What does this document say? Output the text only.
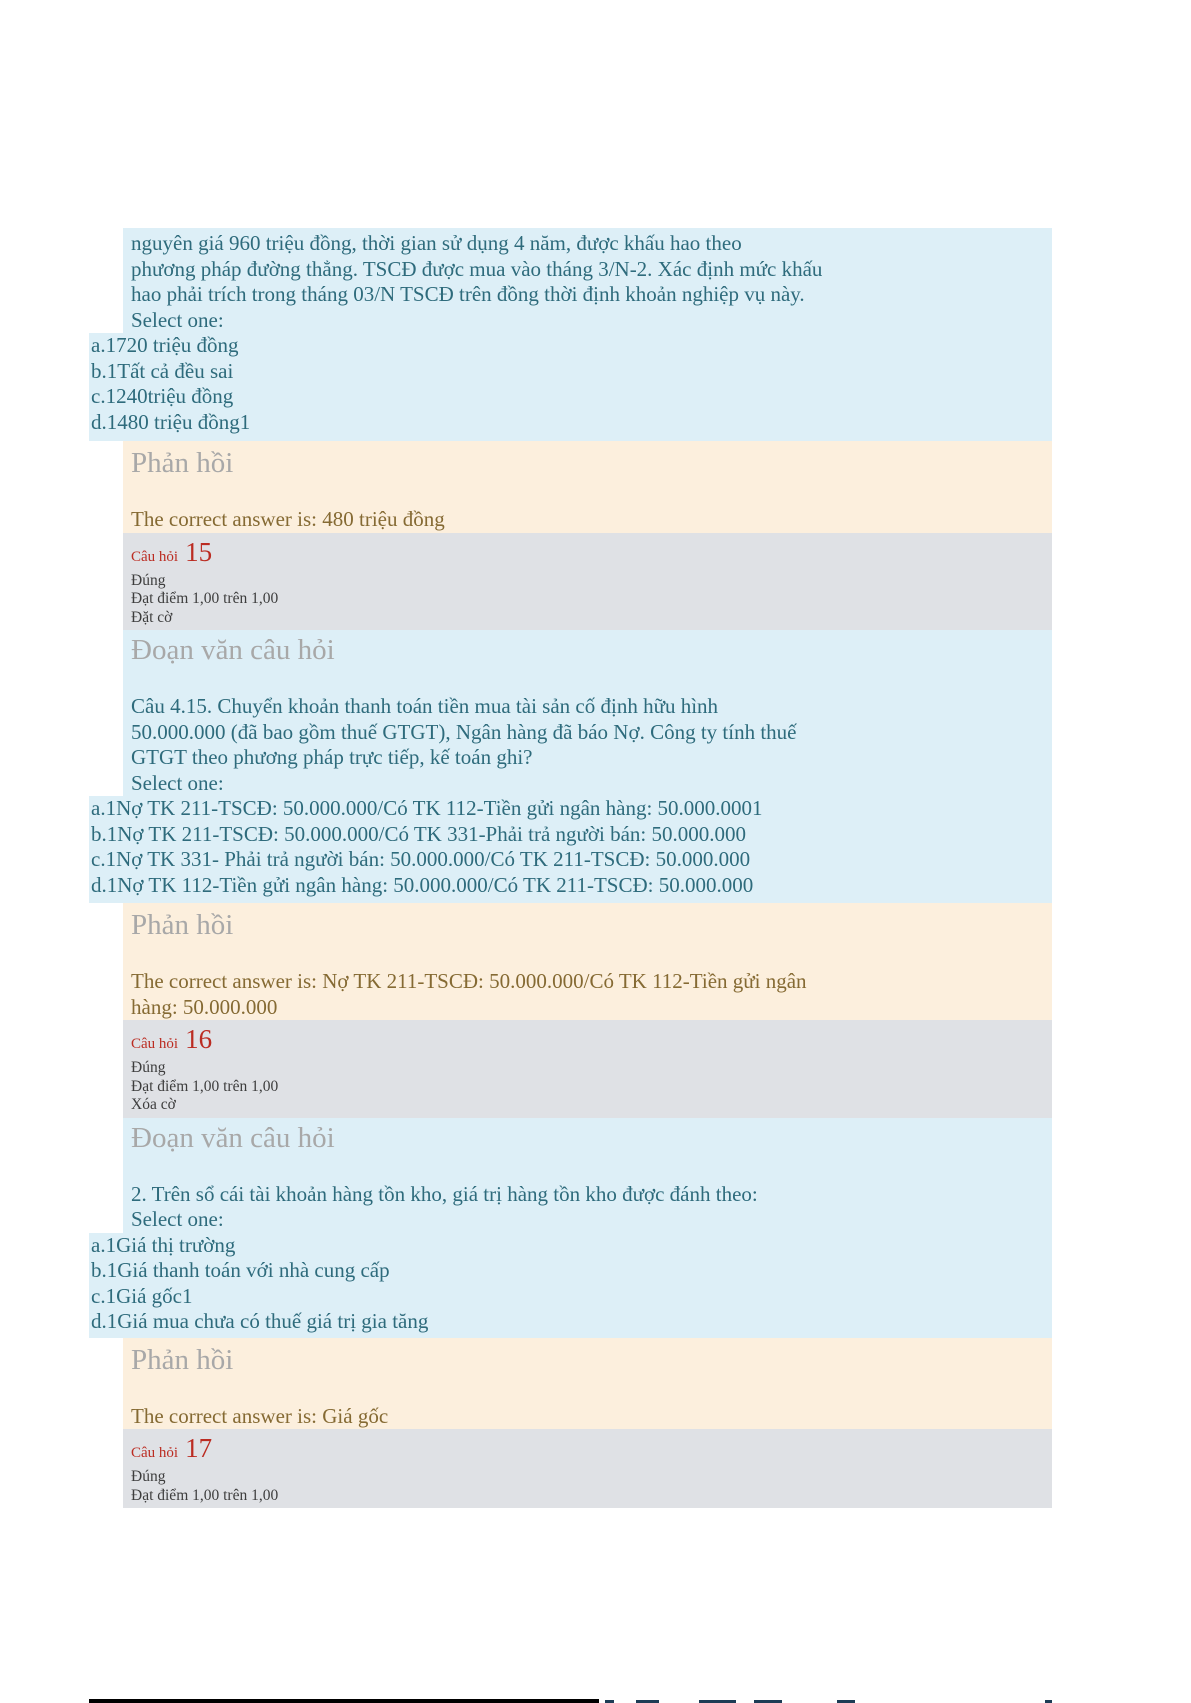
nguyên giá 960 triệu đồng, thời gian sử dụng 4 năm, được khấu hao theo
phương pháp đường thẳng. TSCĐ được mua vào tháng 3/N-2. Xác định mức khấu
hao phải trích trong tháng 03/N TSCĐ trên đồng thời định khoản nghiệp vụ này.
Select one:
a.1720 triệu đồng
b.1Tất cả đều sai
c.1240triệu đồng
d.1480 triệu đồng1
Phản hồi
The correct answer is: 480 triệu đồng
Câu hỏi 15
Đúng
Đạt điểm 1,00 trên 1,00
Đặt cờ
Đoạn văn câu hỏi
Câu 4.15. Chuyển khoản thanh toán tiền mua tài sản cố định hữu hình
50.000.000 (đã bao gồm thuế GTGT), Ngân hàng đã báo Nợ. Công ty tính thuế
GTGT theo phương pháp trực tiếp, kế toán ghi?
Select one:
a.1Nợ TK 211-TSCĐ: 50.000.000/Có TK 112-Tiền gửi ngân hàng: 50.000.0001
b.1Nợ TK 211-TSCĐ: 50.000.000/Có TK 331-Phải trả người bán: 50.000.000
c.1Nợ TK 331- Phải trả người bán: 50.000.000/Có TK 211-TSCĐ: 50.000.000
d.1Nợ TK 112-Tiền gửi ngân hàng: 50.000.000/Có TK 211-TSCĐ: 50.000.000
Phản hồi
The correct answer is: Nợ TK 211-TSCĐ: 50.000.000/Có TK 112-Tiền gửi ngân
hàng: 50.000.000
Câu hỏi 16
Đúng
Đạt điểm 1,00 trên 1,00
Xóa cờ
Đoạn văn câu hỏi
2. Trên sổ cái tài khoản hàng tồn kho, giá trị hàng tồn kho được đánh theo:
Select one:
a.1Giá thị trường
b.1Giá thanh toán với nhà cung cấp
c.1Giá gốc1
d.1Giá mua chưa có thuế giá trị gia tăng
Phản hồi
The correct answer is: Giá gốc
Câu hỏi 17
Đúng
Đạt điểm 1,00 trên 1,00
